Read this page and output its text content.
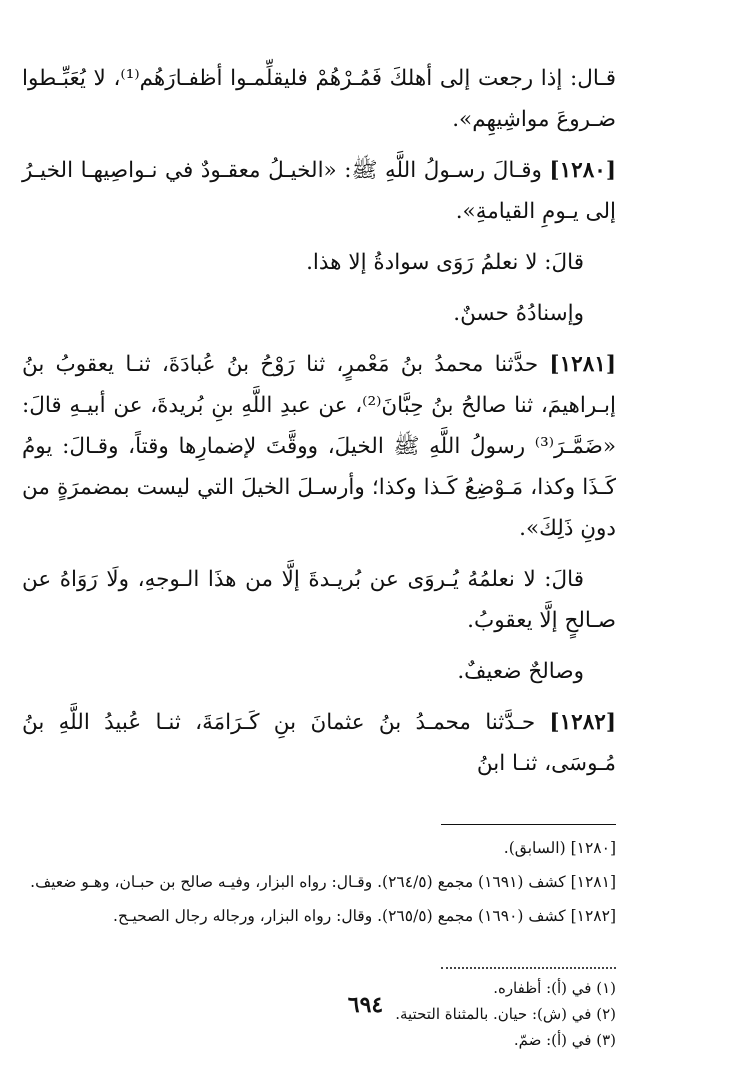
قـال: إذا رجعت إلى أهلكَ فَمُـرْهُمْ فليقلِّمـوا أظفـارَهُم⁽¹⁾، لا يُعَبِّـطوا ضـروعَ مواشِيهِم».

[١٢٨٠] وقـالَ رسـولُ اللَّهِ ﷺ: «الخيـلُ معقـودٌ في نـواصِيهـا الخيـرُ إلى يـومِ القيامةِ».

قالَ: لا نعلمُ رَوَى سوادةُ إلا هذا.

وإسنادُهُ حسنٌ.

[١٢٨١] حدَّثنا محمدُ بنُ مَعْمرٍ، ثنا رَوْحُ بنُ عُبادَةَ، ثنـا يعقوبُ بنُ إبـراهيمَ، ثنا صالحُ بنُ حِبَّانَ⁽²⁾، عن عبدِ اللَّهِ بنِ بُريدةَ، عن أبيـهِ قالَ: «ضَمَّـرَ⁽³⁾ رسولُ اللَّهِ ﷺ الخيلَ، ووقَّتَ لإضمارِها وقتاً، وقـالَ: يومُ كَـذَا وكذا، مَـوْضِعُ كَـذا وكذا؛ وأرسـلَ الخيلَ التي ليست بمضمرَةٍ من دونِ ذَلِكَ».

قالَ: لا نعلمُهُ يُـروَى عن بُريـدةَ إلَّا من هذَا الـوجهِ، ولَا رَوَاهُ عن صـالحٍ إلَّا يعقوبُ.

وصالحٌ ضعيفٌ.

[١٢٨٢] حـدَّثنا محمـدُ بنُ عثمانَ بنِ كَـرَامَةَ، ثنـا عُبيدُ اللَّهِ بنُ مُـوسَى، ثنـا ابنُ

[١٢٨٠] (السابق).

[١٢٨١] كشف (١٦٩١) مجمع (٢٦٤/٥). وقـال: رواه البزار، وفيـه صالح بن حبـان، وهـو ضعيف.

[١٢٨٢] كشف (١٦٩٠) مجمع (٢٦٥/٥). وقال: رواه البزار، ورجاله رجال الصحيـح.

(١) في (أ): أظفاره.

(٢) في (ش): حيان. بالمثناة التحتية.

(٣) في (أ): ضمّ.

٦٩٤
